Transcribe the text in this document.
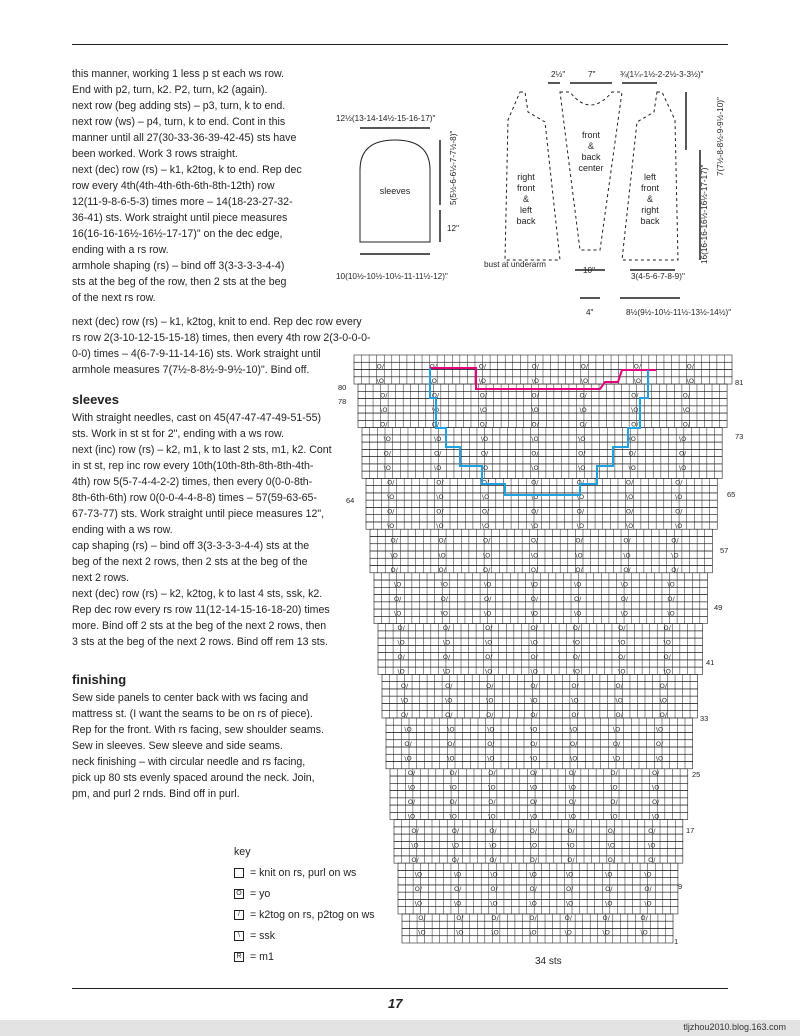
this manner, working 1 less p st each ws row.

End with p2, turn, k2. P2, turn, k2 (again).

next row (beg adding sts) – p3, turn, k to end.

next row (ws) – p4, turn, k to end. Cont in this

manner until all 27(30-33-36-39-42-45) sts have

been worked. Work 3 rows straight.

next (dec) row (rs) – k1, k2tog, k to end. Rep dec

row every 4th(4th-4th-6th-6th-8th-12th) row

12(11-9-8-6-5-3) times more – 14(18-23-27-32-

36-41) sts. Work straight until piece measures

16(16-16-16½-16½-17-17)" on the dec edge,

ending with a rs row.

armhole shaping (rs) – bind off 3(3-3-3-3-4-4)

sts at the beg of the row, then 2 sts at the beg

of the next rs row.

next (dec) row (rs) – k1, k2tog, knit to end. Rep dec row every

rs row 2(3-10-12-15-15-18) times, then every 4th row 2(3-0-0-0-

0-0) times – 4(6-7-9-11-14-16) sts. Work straight until

armhole measures 7(7½-8-8½-9-9½-10)". Bind off.

sleeves

With straight needles, cast on 45(47-47-47-49-51-55)

sts. Work in st st for 2", ending with a ws row.

next (inc) row (rs) – k2, m1, k to last 2 sts, m1, k2. Cont

in st st, rep inc row every 10th(10th-8th-8th-8th-4th-

4th) row 5(5-7-4-4-2-2) times, then every 0(0-0-8th-

8th-6th-6th) row 0(0-0-4-4-8-8) times – 57(59-63-65-

67-73-77) sts. Work straight until piece measures 12",

ending with a ws row.

cap shaping (rs) – bind off 3(3-3-3-3-4-4) sts at the

beg of the next 2 rows, then 2 sts at the beg of the

next 2 rows.

next (dec) row (rs) – k2, k2tog, k to last 4 sts, ssk, k2.

Rep dec row every rs row 11(12-14-15-16-18-20) times

more. Bind off 2 sts at the beg of the next 2 rows, then

3 sts at the beg of the next 2 rows. Bind off rem 13 sts.

finishing

Sew side panels to center back with ws facing and

mattress st. (I want the seams to be on rs of piece).

Rep for the front. With rs facing, sew shoulder seams.

Sew in sleeves. Sew sleeve and side seams.

neck finishing – with circular needle and rs facing,

pick up 80 sts evenly spaced around the neck. Join,

pm, and purl 2 rnds. Bind off in purl.

12½(13-14-14½-15-16-17)"
sleeves	5(5½-6-6½-7-7½-8)"
12"
10(10½-10½-10½-11-11½-12)"
2½"	7"	¾(1¼-1½-2-2½-3-3½)"
7(7½-8-8½-9-9½-10)"
16(16-16-16½-16½-17-17)"
right
front
&
left
back
front
&
back
center
left
front
&
right
back
bust at underarm
10"
3(4-5-6-7-8-9)"
4"	8½(9½-10½-11½-13½-14½)"
O/	O/	O/	O/	O/	O/	O/
\O	\O	\O	\O	\O	\O	\O
O/	O/	O/	O/	O/	O/	O/
\O	\O	\O	\O	\O	\O	\O
O/	O/	O/	O/	O/	O/	O/
\O	\O	\O	\O	\O	\O	\O
O/	O/	O/	O/	O/	O/	O/
\O	\O	\O	\O	\O	\O	\O
O/	O/	O/	O/	O/	O/	O/
\O	\O	\O	\O	\O	\O	\O
O/	O/	O/	O/	O/	O/	O/
\O	\O	\O	\O	\O	\O	\O
O/	O/	O/	O/	O/	O/	O/
\O	\O	\O	\O	\O	\O	\O
O/	O/	O/	O/	O/	O/	O/
\O	\O	\O	\O	\O	\O	\O
O/	O/	O/	O/	O/	O/	O/
\O	\O	\O	\O	\O	\O	\O
O/	O/	O/	O/	O/	O/	O/
\O	\O	\O	\O	\O	\O	\O
O/	O/	O/	O/	O/	O/	O/
\O	\O	\O	\O	\O	\O	\O
O/	O/	O/	O/	O/	O/	O/
\O	\O	\O	\O	\O	\O	\O
O/	O/	O/	O/	O/	O/	O/
\O	\O	\O	\O	\O	\O	\O
O/	O/	O/	O/	O/	O/	O/
\O	\O	\O	\O	\O	\O	\O
O/	O/	O/	O/	O/	O/	O/
\O	\O	\O	\O	\O	\O	\O
O/	O/	O/	O/	O/	O/	O/
\O	\O	\O	\O	\O	\O	\O
O/	O/	O/	O/	O/	O/	O/
\O	\O	\O	\O	\O	\O	\O
O/	O/	O/	O/	O/	O/	O/
\O	\O	\O	\O	\O	\O	\O
O/	O/	O/	O/	O/	O/	O/
\O	\O	\O	\O	\O	\O	\O
O/	O/	O/	O/	O/	O/	O/
\O	\O	\O	\O	\O	\O	\O
34 sts
81
73
65
57
49
41
33
25
17
9
1
80
78
64
key
= knit on rs, purl on ws
O = yo
/ = k2tog on rs, p2tog on ws
\ = ssk
R = m1
17
tljzhou2010.blog.163.com
